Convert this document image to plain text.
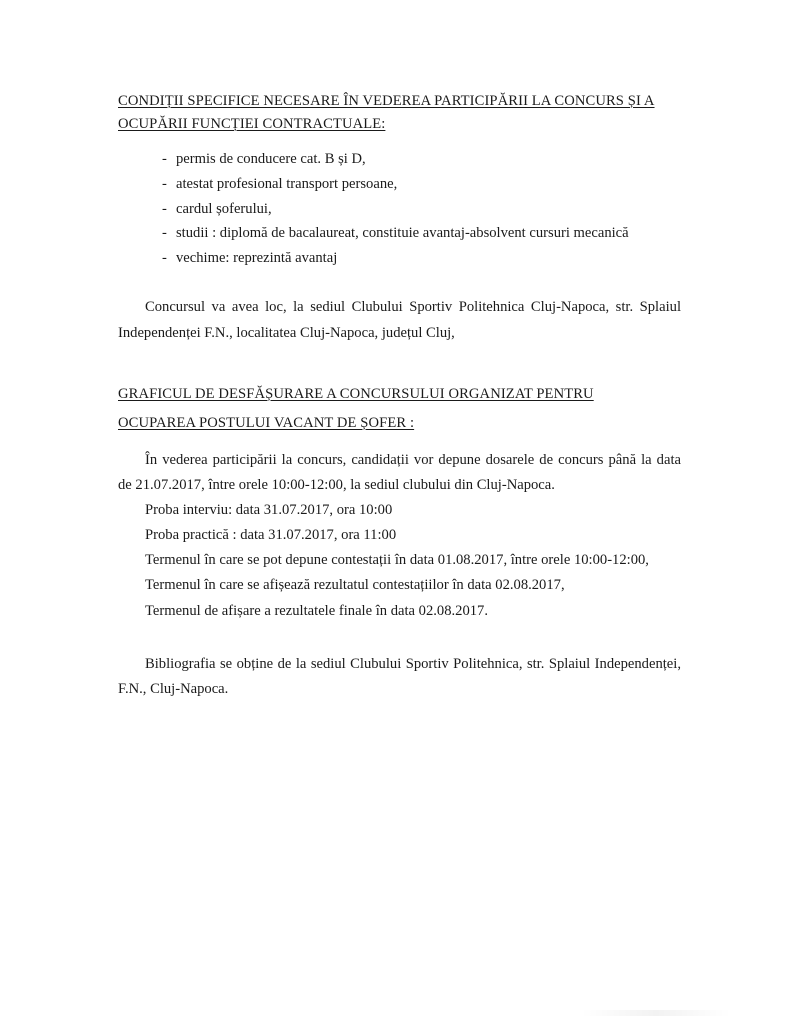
CONDIȚII SPECIFICE NECESARE ÎN VEDEREA PARTICIPĂRII LA CONCURS ȘI A
OCUPĂRII FUNCȚIEI CONTRACTUALE:
- permis de conducere cat. B și D,
- atestat profesional transport persoane,
- cardul șoferului,
- studii : diplomă de bacalaureat, constituie avantaj-absolvent cursuri mecanică
- vechime: reprezintă avantaj
Concursul va avea loc, la sediul Clubului Sportiv Politehnica Cluj-Napoca, str. Splaiul
Independenței F.N., localitatea Cluj-Napoca, județul Cluj,
GRAFICUL DE DESFĂȘURARE A CONCURSULUI ORGANIZAT PENTRU
OCUPAREA POSTULUI VACANT DE ȘOFER :
În vederea participării la concurs, candidații vor depune dosarele de concurs până la data
de 21.07.2017, între orele 10:00-12:00, la sediul clubului din Cluj-Napoca.
Proba interviu: data 31.07.2017, ora 10:00
Proba practică : data 31.07.2017, ora 11:00
Termenul în care se pot depune contestații în data 01.08.2017, între orele 10:00-12:00,
Termenul în care se afișează rezultatul contestațiilor în data 02.08.2017,
Termenul de afișare a rezultatele finale în data 02.08.2017.
Bibliografia se obține de la sediul Clubului Sportiv Politehnica, str. Splaiul Independenței,
F.N., Cluj-Napoca.
